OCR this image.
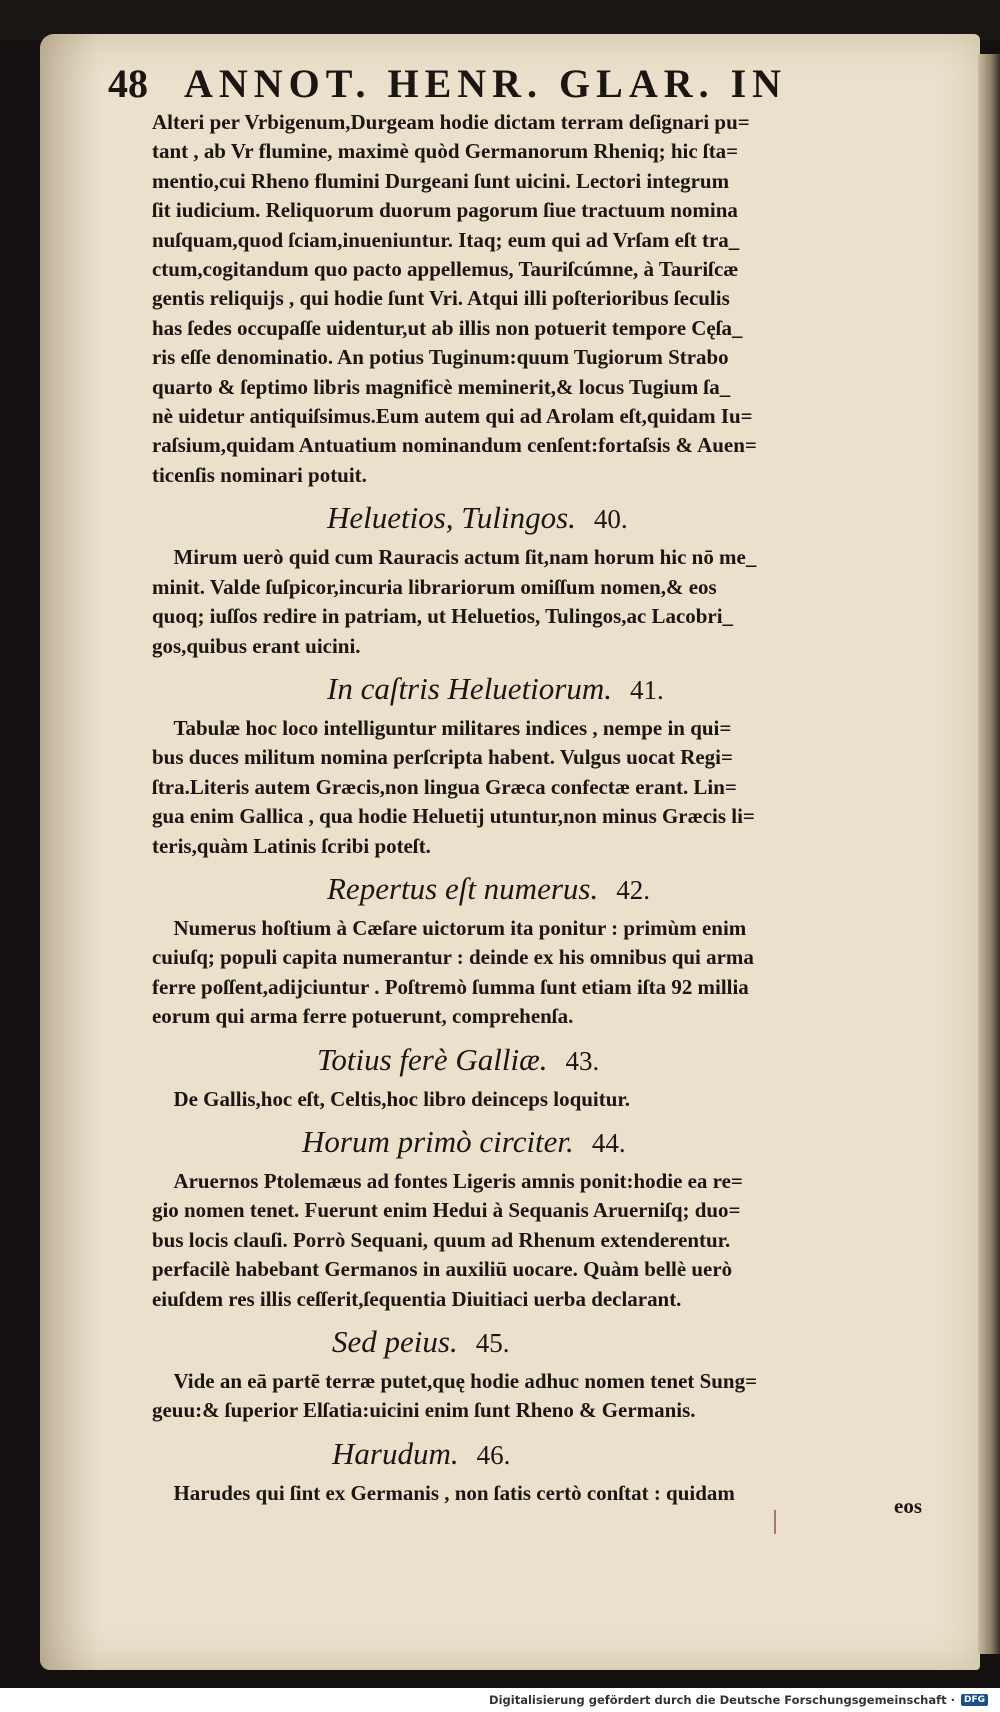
48 ANNOT. HENR. GLAR. IN
Alteri per Vrbigenum,Durgeam hodie dictam terram deſignari pu=
tant , ab Vr flumine, maximè quòd Germanorum Rheniq; hic ſta=
mentio,cui Rheno flumini Durgeani ſunt uicini. Lectori integrum
ſit iudicium. Reliquorum duorum pagorum ſiue tractuum nomina
nuſquam,quod ſciam,inueniuntur. Itaq; eum qui ad Vrſam eſt tra_
ctum,cogitandum quo pacto appellemus, Tauriſcúmne, à Tauriſcæ
gentis reliquijs , qui hodie ſunt Vri. Atqui illi poſterioribus ſeculis
has ſedes occupaſſe uidentur,ut ab illis non potuerit tempore Cęſa_
ris eſſe denominatio. An potius Tuginum:quum Tugiorum Strabo
quarto & ſeptimo libris magnificè meminerit,& locus Tugium ſa_
nè uidetur antiquiſsimus.Eum autem qui ad Arolam eſt,quidam Iu=
raſsium,quidam Antuatium nominandum cenſent:fortaſsis & Auen=
ticenſis nominari potuit.
Heluetios, Tulingos. 40.
Mirum uerò quid cum Rauracis actum ſit,nam horum hic nō me_
minit. Valde ſuſpicor,incuria librariorum omiſſum nomen,& eos
quoq; iuſſos redire in patriam, ut Heluetios, Tulingos,ac Lacobri_
gos,quibus erant uicini.
In caſtris Heluetiorum. 41.
Tabulæ hoc loco intelliguntur militares indices , nempe in qui=
bus duces militum nomina perſcripta habent. Vulgus uocat Regi=
ſtra.Literis autem Græcis,non lingua Græca confectæ erant. Lin=
gua enim Gallica , qua hodie Heluetij utuntur,non minus Græcis li=
teris,quàm Latinis ſcribi poteſt.
Repertus eſt numerus. 42.
Numerus hoſtium à Cæſare uictorum ita ponitur : primùm enim
cuiuſq; populi capita numerantur : deinde ex his omnibus qui arma
ferre poſſent,adijciuntur . Poſtremò ſumma ſunt etiam iſta 92 millia
eorum qui arma ferre potuerunt, comprehenſa.
Totius ferè Galliæ. 43.
De Gallis,hoc eſt, Celtis,hoc libro deinceps loquitur.
Horum primò circiter. 44.
Aruernos Ptolemæus ad fontes Ligeris amnis ponit:hodie ea re=
gio nomen tenet. Fuerunt enim Hedui à Sequanis Aruerniſq; duo=
bus locis clauſi. Porrò Sequani, quum ad Rhenum extenderentur.
perfacilè habebant Germanos in auxiliū uocare. Quàm bellè uerò
eiuſdem res illis ceſſerit,ſequentia Diuitiaci uerba declarant.
Sed peius. 45.
Vide an eā partē terræ putet,quę hodie adhuc nomen tenet Sung=
geuu:& ſuperior Elſatia:uicini enim ſunt Rheno & Germanis.
Harudum. 46.
Harudes qui ſint ex Germanis , non ſatis certò conſtat : quidam
eos
Digitalisierung gefördert durch die Deutsche Forschungsgemeinschaft ·	DFG
